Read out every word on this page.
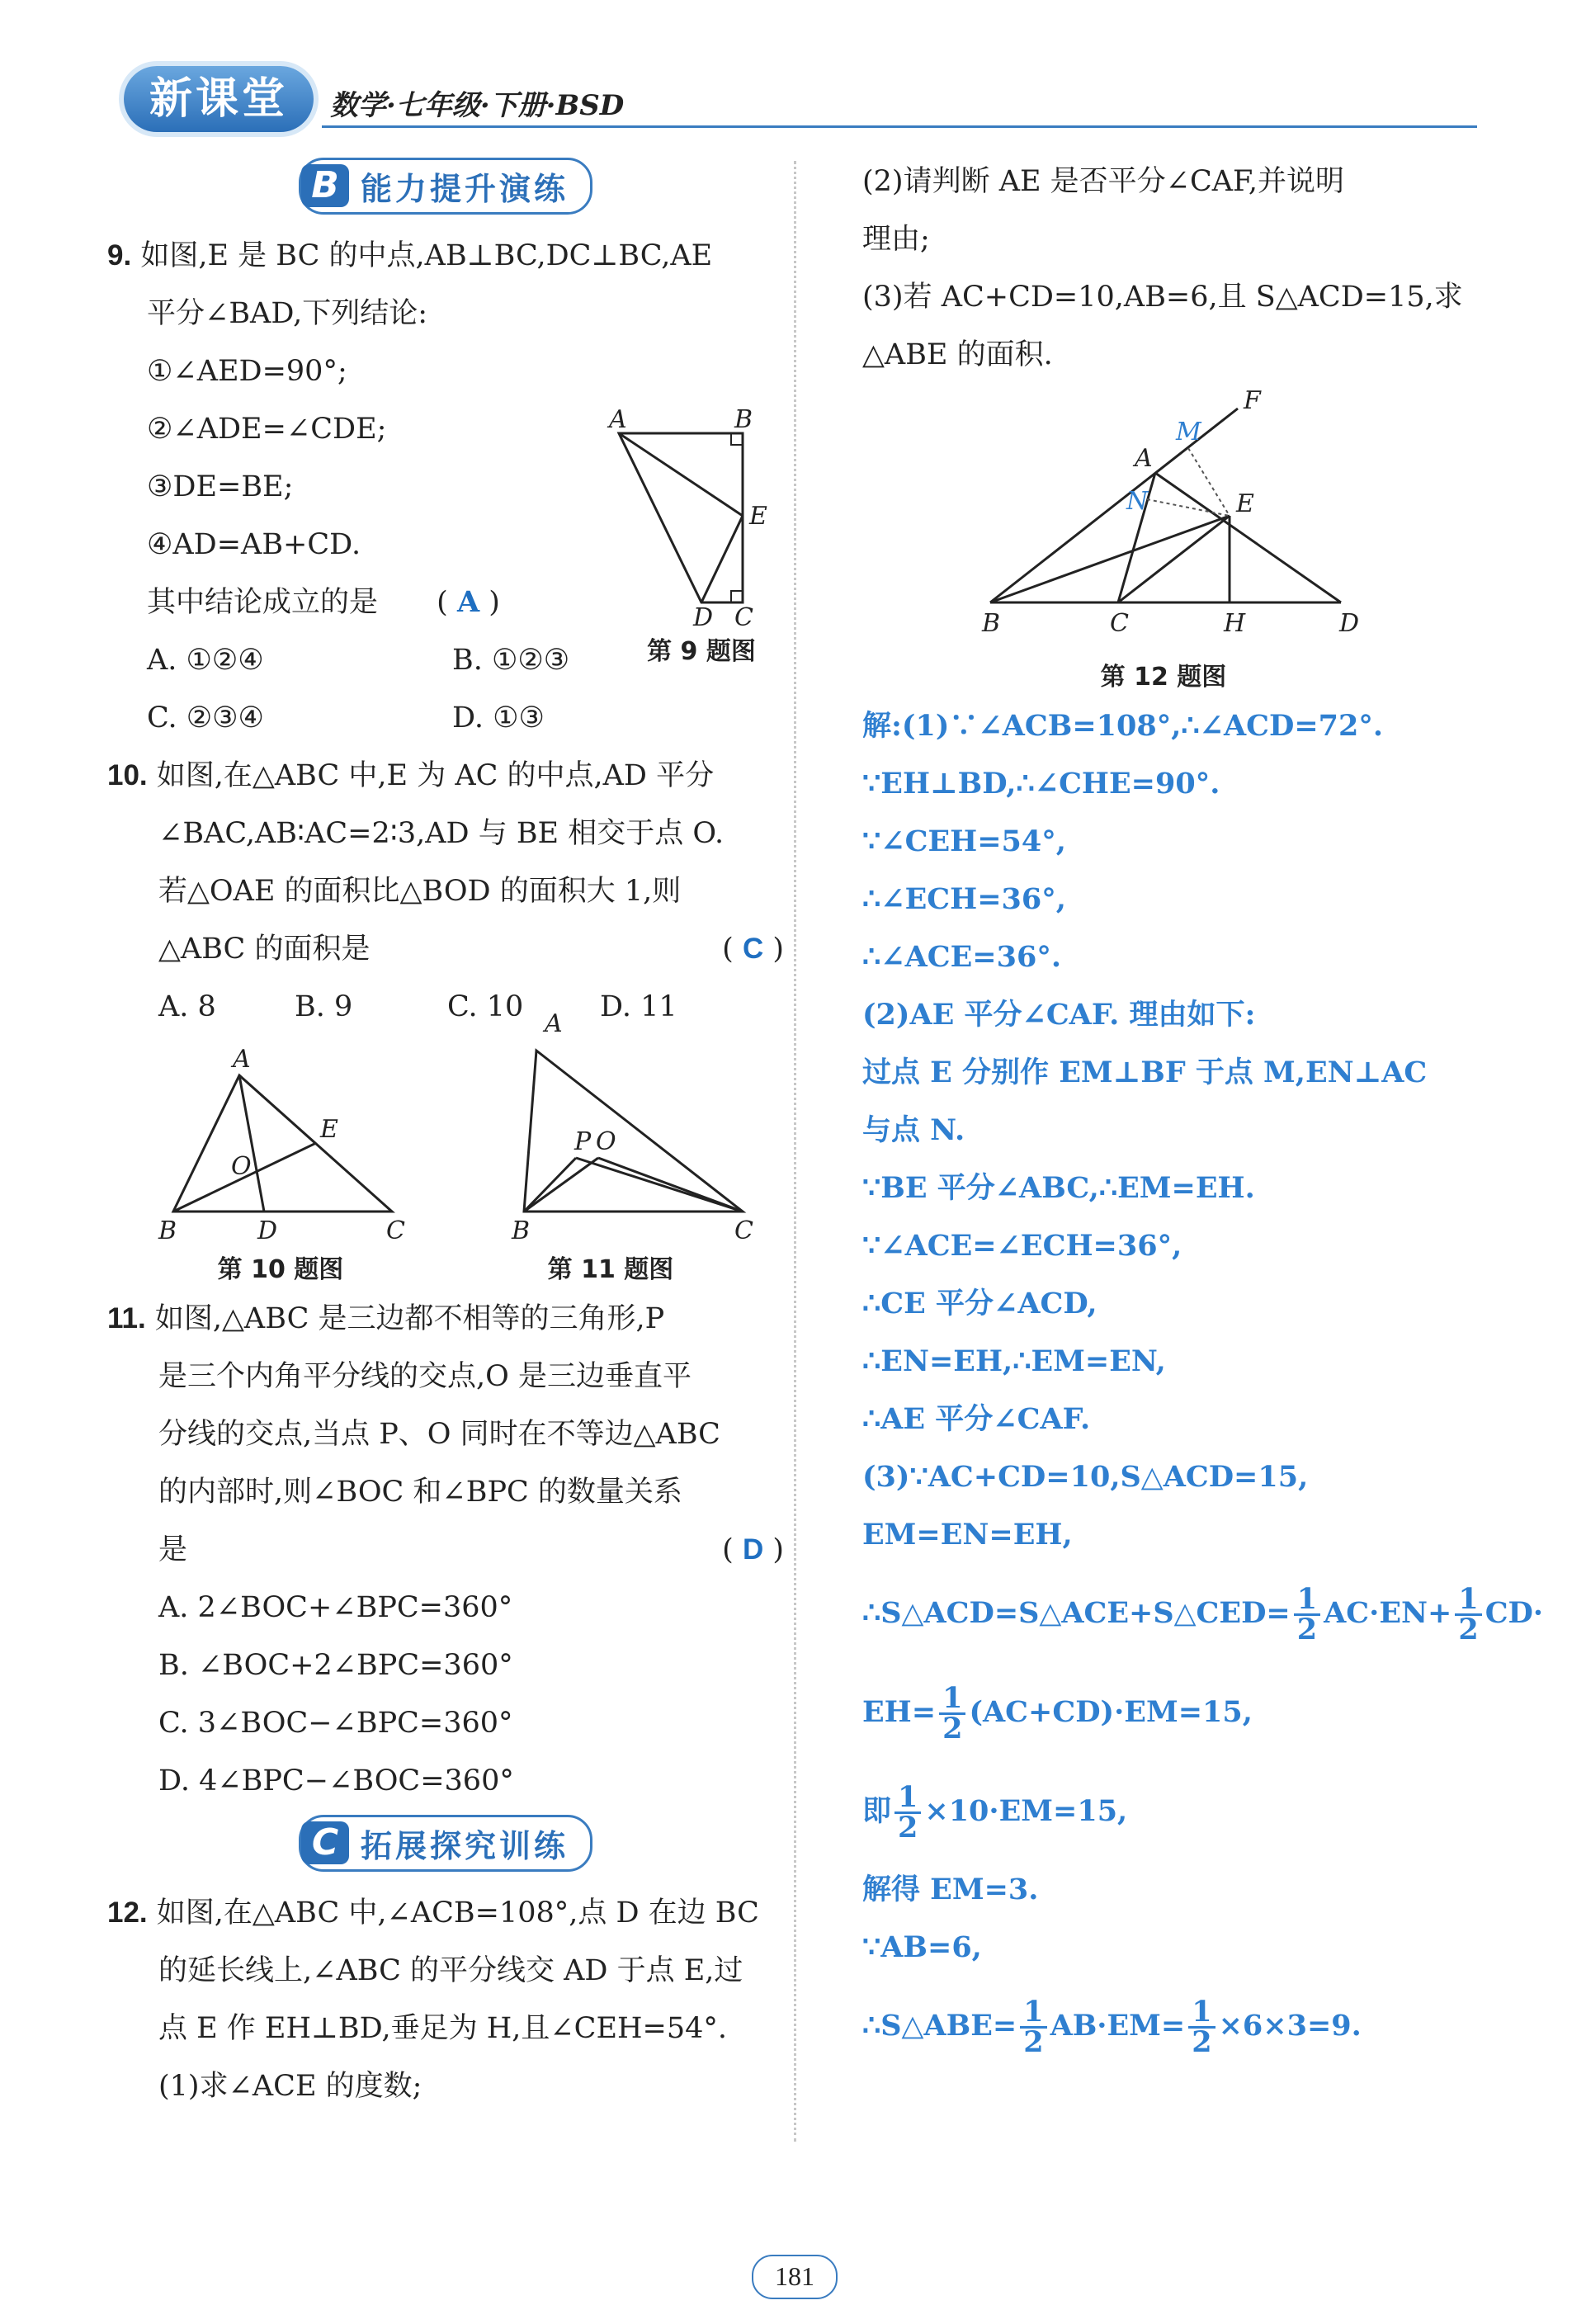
新课堂	数学·七年级·下册·BSD
B 能力提升演练
9. 如图,E 是 BC 的中点,AB⊥BC,DC⊥BC,AE
平分∠BAD,下列结论:
①∠AED=90°;
②∠ADE=∠CDE;
③DE=BE;
④AD=AB+CD.
其中结论成立的是 ( A )
A. ①②④	B. ①②③
C. ②③④	D. ①③
A	B
E
D C
第 9 题图
10. 如图,在△ABC 中,E 为 AC 的中点,AD 平分
∠BAC,AB∶AC=2∶3,AD 与 BE 相交于点 O.
若△OAE 的面积比△BOD 的面积大 1,则
△ABC 的面积是	( C )
A. 8	B. 9	C. 10	D. 11
A
E
O
B	D	C
第 10 题图
P O
B	C
A
第 11 题图
11. 如图,△ABC 是三边都不相等的三角形,P
是三个内角平分线的交点,O 是三边垂直平
分线的交点,当点 P、O 同时在不等边△ABC
的内部时,则∠BOC 和∠BPC 的数量关系
是	( D )
A. 2∠BOC+∠BPC=360°
B. ∠BOC+2∠BPC=360°
C. 3∠BOC−∠BPC=360°
D. 4∠BPC−∠BOC=360°
C 拓展探究训练
12. 如图,在△ABC 中,∠ACB=108°,点 D 在边 BC
的延长线上,∠ABC 的平分线交 AD 于点 E,过
点 E 作 EH⊥BD,垂足为 H,且∠CEH=54°.
(1)求∠ACE 的度数;
(2)请判断 AE 是否平分∠CAF,并说明
理由;
(3)若 AC+CD=10,AB=6,且 S△ACD=15,求
△ABE 的面积.
F
M
A
N	E
B	C	H	D
第 12 题图
解:(1)∵∠ACB=108°,∴∠ACD=72°.
∵EH⊥BD,∴∠CHE=90°.
∵∠CEH=54°,
∴∠ECH=36°,
∴∠ACE=36°.
(2)AE 平分∠CAF. 理由如下:
过点 E 分别作 EM⊥BF 于点 M,EN⊥AC
与点 N.
∵BE 平分∠ABC,∴EM=EH.
∵∠ACE=∠ECH=36°,
∴CE 平分∠ACD,
∴EN=EH,∴EM=EN,
∴AE 平分∠CAF.
(3)∵AC+CD=10,S△ACD=15,
EM=EN=EH,
∴S△ACD=S△ACE+S△CED= $\frac{1}{2} AC\cdot EN+ \frac{1}{2} CD\cdot$
$EH= \frac{1}{2} (AC+CD)\cdot EM=15$,
即 $\frac{1}{2} \times 10\cdot EM=15$,
解得 EM=3.
∵AB=6,
∴S△ABE= $\frac{1}{2} AB\cdot EM= \frac{1}{2} \times 6\times 3=9$.
181
